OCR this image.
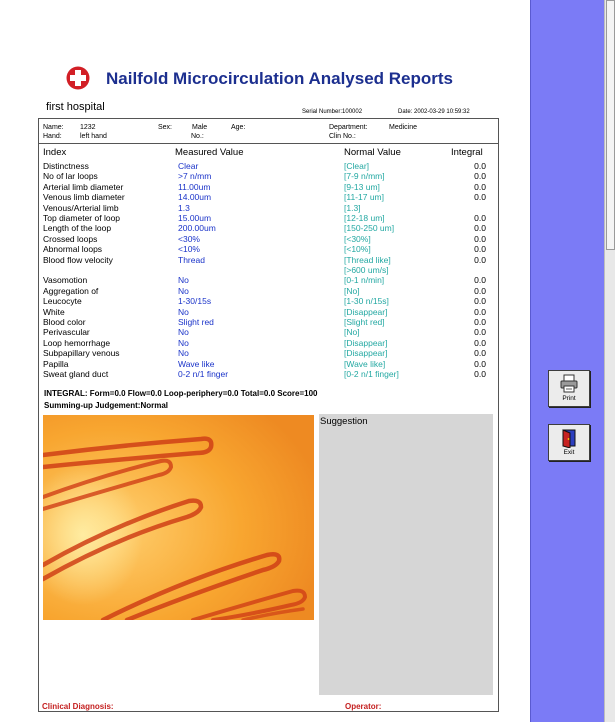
Nailfold Microcirculation Analysed Reports
first hospital	Serial Number:100002	Date: 2002-03-29 10:59:32
Name: 1232	Sex:	Male	Age:	Department:	Medicine
Hand:	left hand	No.:	Clin No.:
Index	Measured Value	Normal Value	Integral
Distinctness	Clear	[Clear]	0.0
No of lar loops	>7 n/mm	[7-9 n/mm]	0.0
Arterial limb diameter	11.00um	[9-13 um]	0.0
Venous limb diameter	14.00um	[11-17 um]	0.0
Venous/Arterial limb	1.3	[1.3]
Top diameter of loop	15.00um	[12-18 um]	0.0
Length of the loop	200.00um	[150-250 um]	0.0
Crossed loops	<30%	[<30%]	0.0
Abnormal loops	<10%	[<10%]	0.0
Blood flow velocity	Thread	[Thread like]	0.0
[>600 um/s]
Vasomotion	No	[0-1 n/min]	0.0
Aggregation of	No	[No]	0.0
Leucocyte	1-30/15s	[1-30 n/15s]	0.0
White	No	[Disappear]	0.0
Blood color	Slight red	[Slight red]	0.0
Perivascular	No	[No]	0.0
Loop hemorrhage	No	[Disappear]	0.0
Subpapillary venous	No	[Disappear]	0.0
Papilla	Wave like	[Wave like]	0.0
Sweat gland duct	0-2 n/1 finger	[0-2 n/1 finger]	0.0
INTEGRAL: Form=0.0 Flow=0.0 Loop-periphery=0.0 Total=0.0 Score=100
Summing-up Judgement:Normal
Suggestion
Clinical Diagnosis:	Operator:
Print
Exit
